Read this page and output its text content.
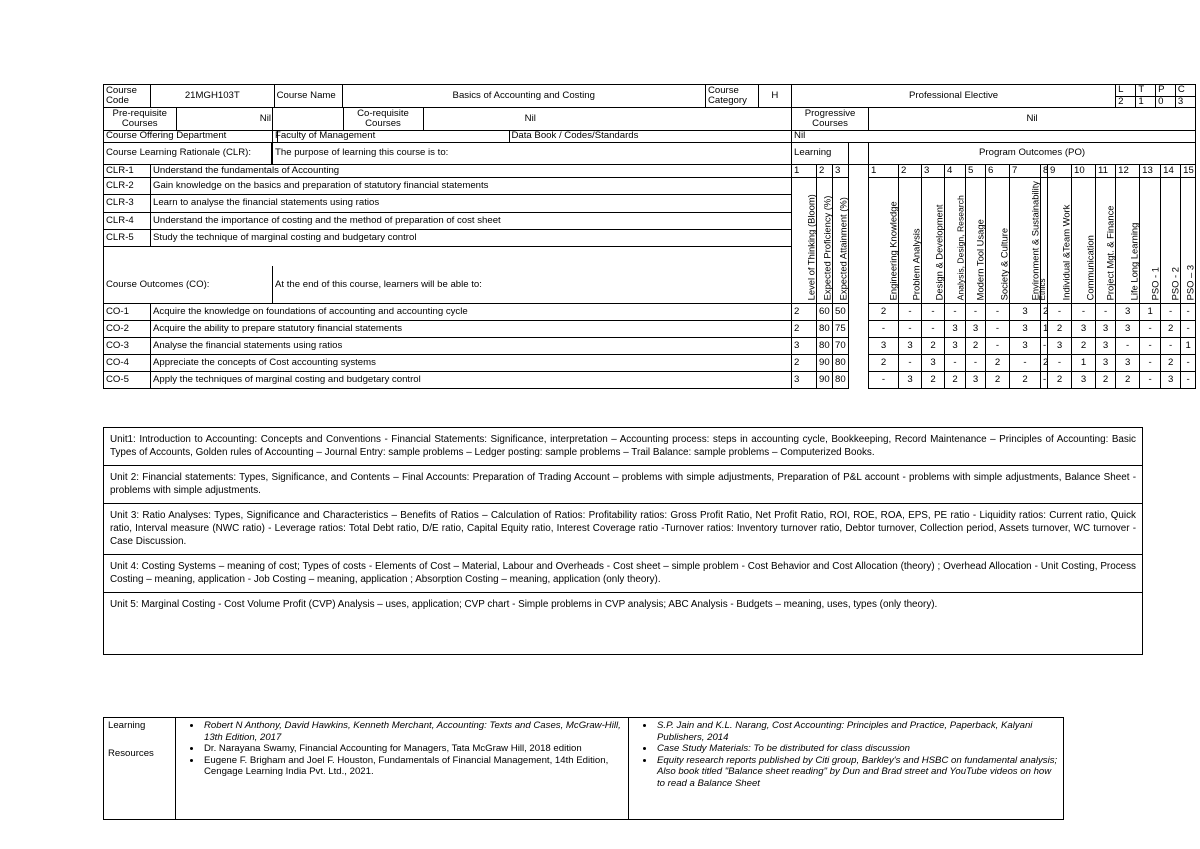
Course Code		21MGH103T	Course Name	Basics of Accounting and Costing	Course Category	H
		Professional Elective	
L	T	P	C
2	1	0	3

Pre-requisite Courses	Nil

		Co-requisite Courses	Nil	
		Progressive Courses	Nil

Course Offering Department	
		Faculty of Management	Data Book / Codes/Standards
		Nil

Course Learning Rationale (CLR):	
	The purpose of learning this course is to:	Learning		Program Outcomes (PO)
CLR-1	Understand the fundamentals of Accounting	1	2	3		1	2	3	4	5	6	7	8	9	10	11	12	13	14	15
CLR-2	Gain knowledge on the basics and preparation of statutory financial statements	Level of Thinking (Bloom)	Expected Proficiency (%)	Expected Attainment (%)		Engineering Knowledge	Problem Analysis	Design & Development	Analysis, Design, Research	Modern Tool Usage	Society & Culture	Environment & Sustainability	Ethics	Individual &Team Work	Communication	Project Mgt. & Finance	Life Long Learning	PSO - 1	PSO - 2	PSO – 3
CLR-3	Learn to analyse the financial statements using ratios
CLR-4	Understand the importance of costing and the method of preparation of cost sheet
CLR-5	Study the technique of marginal costing and budgetary control

Course Outcomes (CO):	At the end of this course, learners will be able to:
CO-1	Acquire the knowledge on foundations of accounting and accounting cycle	2	60	50		2	-	-	-	-	-	3	2	-	-	-	3	1	-	-
CO-2	Acquire the ability to prepare statutory financial statements	2	80	75		-	-	-	3	3	-	3	1	2	3	3	3	-	2	-
CO-3	Analyse the financial statements using ratios	3	80	70		3	3	2	3	2	-	3	-	3	2	3	-	-	-	1
CO-4	Appreciate the concepts of Cost accounting systems	2	90	80		2	-	3	-	-	2	-	2	-	1	3	3	-	2	-
CO-5	Apply the techniques of marginal costing and budgetary control	3	90	80		-	3	2	2	3	2	2	-	2	3	2	2	-	3	-
Unit1: Introduction to Accounting: Concepts and Conventions - Financial Statements: Significance, interpretation – Accounting process: steps in accounting cycle, Bookkeeping, Record Maintenance – Principles of Accounting: Basic Types of Accounts, Golden rules of Accounting – Journal Entry: sample problems – Ledger posting: sample problems – Trail Balance: sample problems – Computerized Books.
Unit 2: Financial statements: Types, Significance, and Contents – Final Accounts: Preparation of Trading Account – problems with simple adjustments, Preparation of P&L account - problems with simple adjustments, Balance Sheet - problems with simple adjustments.
Unit 3: Ratio Analyses: Types, Significance and Characteristics – Benefits of Ratios – Calculation of Ratios: Profitability ratios: Gross Profit Ratio, Net Profit Ratio, ROI, ROE, ROA, EPS, PE ratio - Liquidity ratios: Current ratio, Quick ratio, Interval measure (NWC ratio) - Leverage ratios: Total Debt ratio, D/E ratio, Capital Equity ratio, Interest Coverage ratio -Turnover ratios: Inventory turnover ratio, Debtor turnover, Collection period, Assets turnover, WC turnover - Case Discussion.
Unit 4: Costing Systems – meaning of cost; Types of costs - Elements of Cost – Material, Labour and Overheads - Cost sheet – simple problem - Cost Behavior and Cost Allocation (theory) ; Overhead Allocation - Unit Costing, Process Costing – meaning, application - Job Costing – meaning, application ; Absorption Costing – meaning, application (only theory).
Unit 5: Marginal Costing - Cost Volume Profit (CVP) Analysis – uses, application; CVP chart - Simple problems in CVP analysis; ABC Analysis - Budgets – meaning, uses, types (only theory).
Learning
Resources

• Robert N Anthony, David Hawkins, Kenneth Merchant, Accounting: Texts and Cases, McGraw-Hill, 13th Edition, 2017
• Dr. Narayana Swamy, Financial Accounting for Managers, Tata McGraw Hill, 2018 edition
• Eugene F. Brigham and Joel F. Houston, Fundamentals of Financial Management, 14th Edition, Cengage Learning India Pvt. Ltd., 2021.

• S.P. Jain and K.L. Narang, Cost Accounting: Principles and Practice, Paperback, Kalyani Publishers, 2014
• Case Study Materials: To be distributed for class discussion
• Equity research reports published by Citi group, Barkley's and HSBC on fundamental analysis; Also book titled "Balance sheet reading" by Dun and Brad street and YouTube videos on how to read a Balance Sheet
